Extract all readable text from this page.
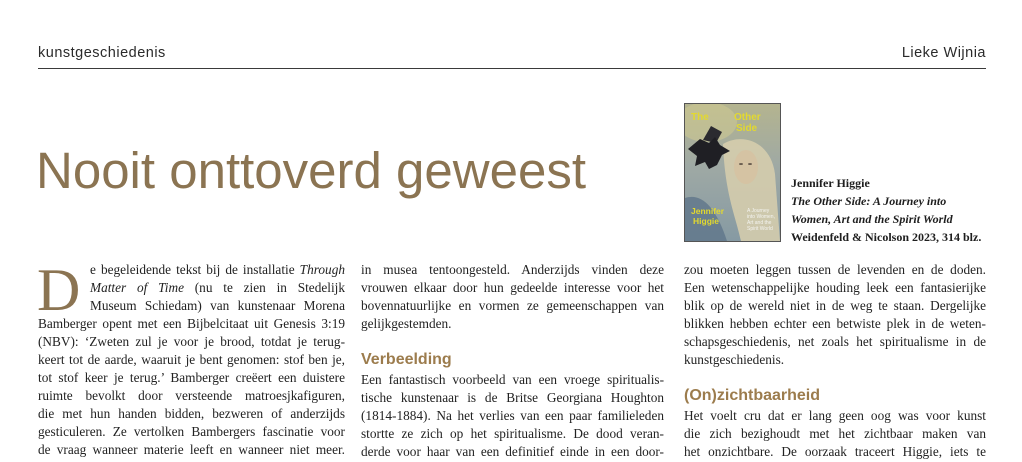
kunstgeschiedenis	Lieke Wijnia
Nooit onttoverd geweest
The	Other
Side
Jennifer
Higgie
A Journey
into Women,
Art and the
Spirit World
Jennifer Higgie
The Other Side: A Journey into
Women, Art and the Spirit World
Weidenfeld & Nicolson 2023, 314 blz.
D e begeleidende tekst bij de installatie Through
Matter of Time (nu te zien in Stedelijk
Museum Schiedam) van kunstenaar Morena
Bamberger opent met een Bijbelcitaat uit Genesis 3:19
(NBV): ‘Zweten zul je voor je brood, totdat je terug-
keert tot de aarde, waaruit je bent genomen: stof ben je,
tot stof keer je terug.’ Bamberger creëert een duistere
ruimte bevolkt door versteende matroesjkafiguren,
die met hun handen bidden, bezweren of anderzijds
gesticuleren. Ze vertolken Bambergers fascinatie voor
de vraag wanneer materie leeft en wanneer niet meer.
in musea tentoongesteld. Anderzijds vinden deze
vrouwen elkaar door hun gedeelde interesse voor het
bovennatuurlijke en vormen ze gemeenschappen van
gelijkgestemden.
Verbeelding
Een fantastisch voorbeeld van een vroege spiritualis-
tische kunstenaar is de Britse Georgiana Houghton
(1814-1884). Na het verlies van een paar familieleden
stortte ze zich op het spiritualisme. De dood veran-
derde voor haar van een definitief einde in een door-
zou moeten leggen tussen de levenden en de doden.
Een wetenschappelijke houding leek een fantasierijke
blik op de wereld niet in de weg te staan. Dergelijke
blikken hebben echter een betwiste plek in de weten-
schapsgeschiedenis, net zoals het spiritualisme in de
kunstgeschiedenis.
(On)zichtbaarheid
Het voelt cru dat er lang geen oog was voor kunst
die zich bezighoudt met het zichtbaar maken van
het onzichtbare. De oorzaak traceert Higgie, iets te
